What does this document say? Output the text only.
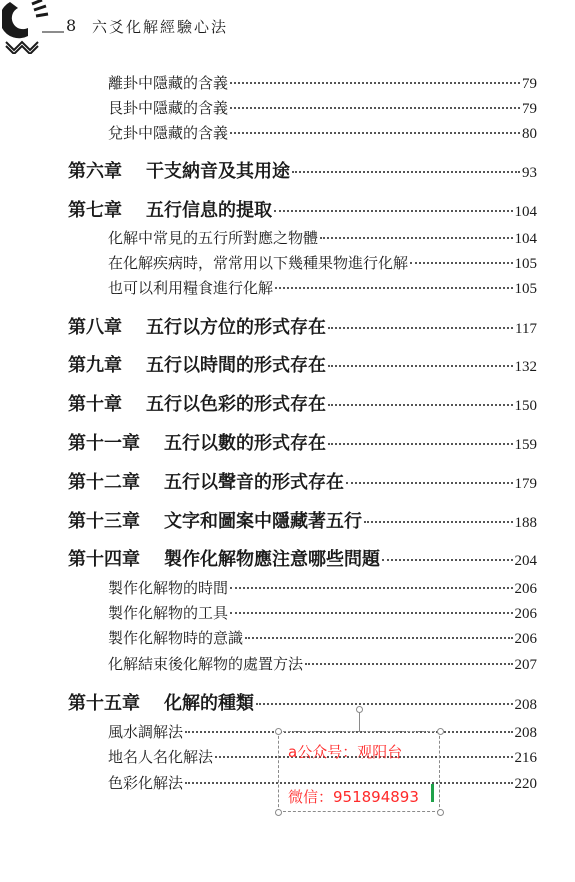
8 六爻化解經驗心法
離卦中隱藏的含義	79
艮卦中隱藏的含義	79
兌卦中隱藏的含義	80
第六章 干支納音及其用途	93
第七章 五行信息的提取	104
化解中常見的五行所對應之物體	104
在化解疾病時，常常用以下幾種果物進行化解	105
也可以利用糧食進行化解	105
第八章 五行以方位的形式存在	117
第九章 五行以時間的形式存在	132
第十章 五行以色彩的形式存在	150
第十一章 五行以數的形式存在	159
第十二章 五行以聲音的形式存在	179
第十三章 文字和圖案中隱藏著五行	188
第十四章 製作化解物應注意哪些問題	204
製作化解物的時間	206
製作化解物的工具	206
製作化解物時的意識	206
化解結束後化解物的處置方法	207
第十五章 化解的種類	208
風水調解法	208
地名人名化解法	216
色彩化解法	220
a公众号：观阳台
微信：951894893
